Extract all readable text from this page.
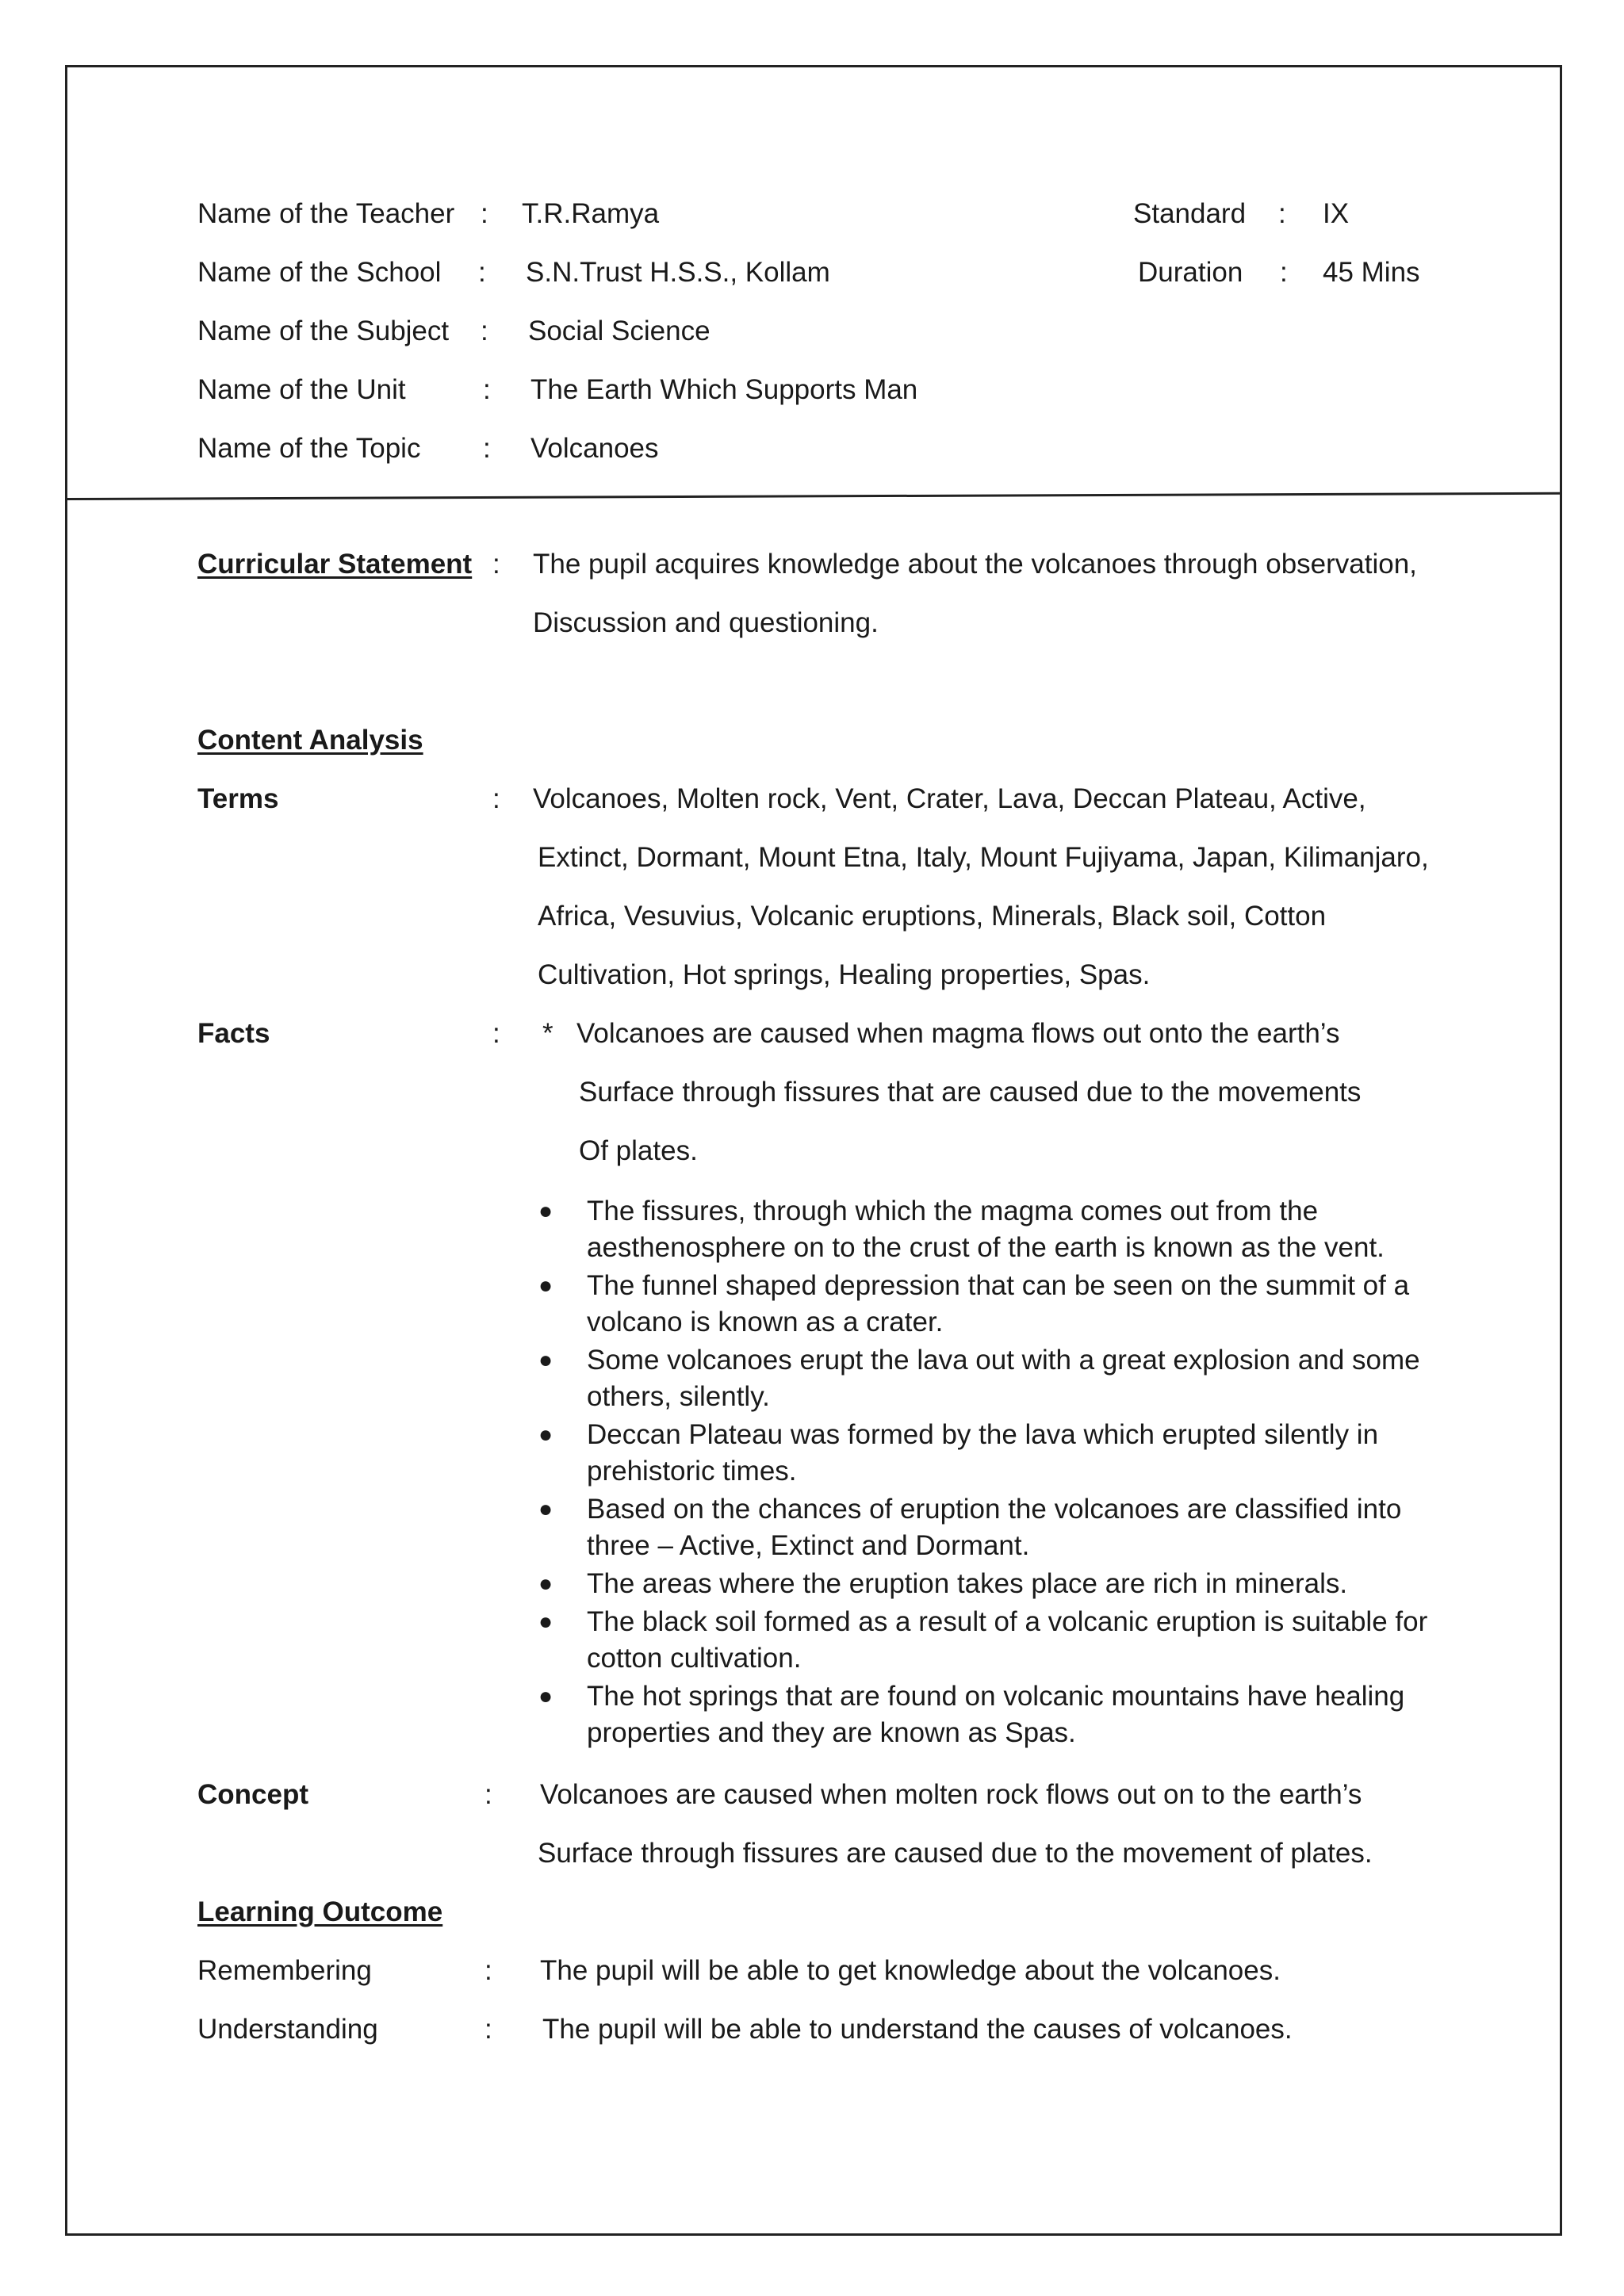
Name of the Teacher : T.R.Ramya	Standard : IX

Name of the School : S.N.Trust H.S.S., Kollam	Duration : 45 Mins

Name of the Subject : Social Science

Name of the Unit	: The Earth Which Supports Man

Name of the Topic : Volcanoes

Curricular Statement : The pupil acquires knowledge about the volcanoes through observation,

Discussion and questioning.

Content Analysis

Terms	: Volcanoes, Molten rock, Vent, Crater, Lava, Deccan Plateau, Active,

Extinct, Dormant, Mount Etna, Italy, Mount Fujiyama, Japan, Kilimanjaro,

Africa, Vesuvius, Volcanic eruptions, Minerals, Black soil, Cotton

Cultivation, Hot springs, Healing properties, Spas.

Facts	: * Volcanoes are caused when magma flows out onto the earth’s

Surface through fissures that are caused due to the movements

Of plates.

● The fissures, through which the magma comes out from the

aesthenosphere on to the crust of the earth is known as the vent.

● The funnel shaped depression that can be seen on the summit of a

volcano is known as a crater.

● Some volcanoes erupt the lava out with a great explosion and some

others, silently.

● Deccan Plateau was formed by the lava which erupted silently in

prehistoric times.

● Based on the chances of eruption the volcanoes are classified into

three – Active, Extinct and Dormant.

● The areas where the eruption takes place are rich in minerals.

● The black soil formed as a result of a volcanic eruption is suitable for

cotton cultivation.

● The hot springs that are found on volcanic mountains have healing

properties and they are known as Spas.

Concept	: Volcanoes are caused when molten rock flows out on to the earth’s

Surface through fissures are caused due to the movement of plates.

Learning Outcome

Remembering	: The pupil will be able to get knowledge about the volcanoes.

Understanding	: The pupil will be able to understand the causes of volcanoes.
